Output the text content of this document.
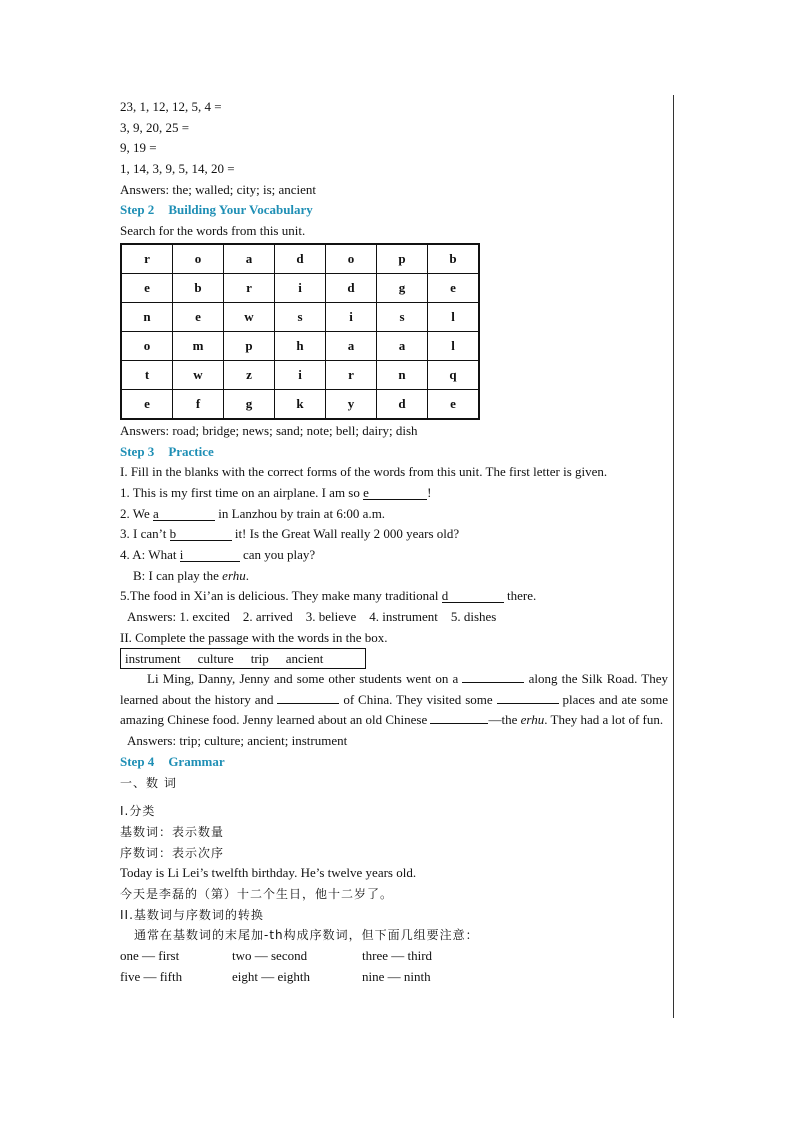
23, 1, 12, 12, 5, 4 =
3, 9, 20, 25 =
9, 19 =
1, 14, 3, 9, 5, 14, 20 =
Answers: the; walled; city; is; ancient
Step 2 Building Your Vocabulary
Search for the words from this unit.
r	o	a	d	o	p	b
e	b	r	i	d	g	e
n	e	w	s	i	s	l
o	m	p	h	a	a	l
t	w	z	i	r	n	q
e	f	g	k	y	d	e
Answers: road; bridge; news; sand; note; bell; dairy; dish
Step 3 Practice
I. Fill in the blanks with the correct forms of the words from this unit. The first letter is given.
1. This is my first time on an airplane. I am so e	!
2. We a	in Lanzhou by train at 6:00 a.m.
3. I can’t b	it! Is the Great Wall really 2 000 years old?
4. A: What i	can you play?
B: I can play the erhu.
5.The food in Xi’an is delicious. They make many traditional d	there.
Answers: 1. excited    2. arrived    3. believe    4. instrument    5. dishes
II. Complete the passage with the words in the box.
instrument culture trip ancient
Li Ming, Danny, Jenny and some other students went on a	along the Silk Road. They learned about the history and	of China. They visited some	places and ate some amazing Chinese food. Jenny learned about an old Chinese	—the erhu. They had a lot of fun.
Answers: trip; culture; ancient; instrument
Step 4 Grammar
一、数 词
I.分类
基数词：表示数量
序数词：表示次序
Today is Li Lei’s twelfth birthday. He’s twelve years old.
今天是李磊的（第）十二个生日，他十二岁了。
II.基数词与序数词的转换
通常在基数词的末尾加-th构成序数词，但下面几组要注意：
one — first	two — second	three — third
five — fifth	eight — eighth	nine — ninth
